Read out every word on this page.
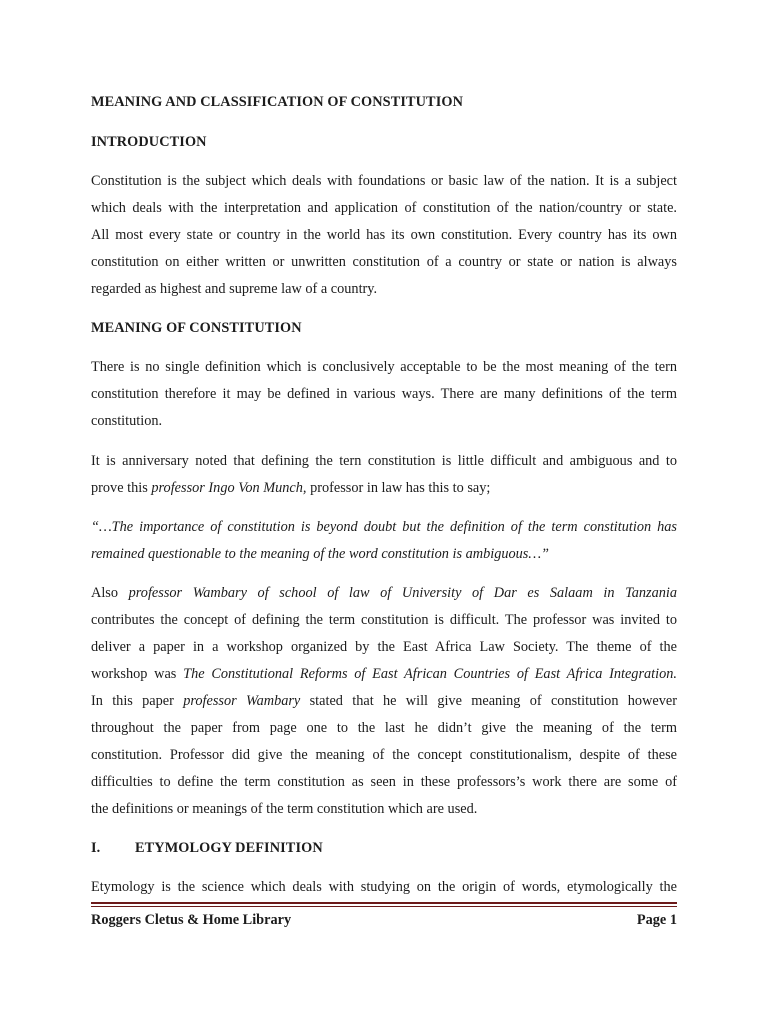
MEANING AND CLASSIFICATION OF CONSTITUTION

INTRODUCTION

Constitution is the subject which deals with foundations or basic law of the nation. It is a subject
which deals with the interpretation and application of constitution of the nation/country or state.
All most every state or country in the world has its own constitution. Every country has its own
constitution on either written or unwritten constitution of a country or state or nation is always
regarded as highest and supreme law of a country.

MEANING OF CONSTITUTION

There is no single definition which is conclusively acceptable to be the most meaning of the tern
constitution therefore it may be defined in various ways. There are many definitions of the term
constitution.

It is anniversary noted that defining the tern constitution is little difficult and ambiguous and to
prove this professor Ingo Von Munch, professor in law has this to say;

“…The importance of constitution is beyond doubt but the definition of the term constitution has
remained questionable to the meaning of the word constitution is ambiguous…”

Also professor Wambary of school of law of University of Dar es Salaam in Tanzania
contributes the concept of defining the term constitution is difficult. The professor was invited to
deliver a paper in a workshop organized by the East Africa Law Society. The theme of the
workshop was The Constitutional Reforms of East African Countries of East Africa Integration.
In this paper professor Wambary stated that he will give meaning of constitution however
throughout the paper from page one to the last he didn’t give the meaning of the term
constitution. Professor did give the meaning of the concept constitutionalism, despite of these
difficulties to define the term constitution as seen in these professors’s work there are some of
the definitions or meanings of the term constitution which are used.

I. ETYMOLOGY DEFINITION

Etymology is the science which deals with studying on the origin of words, etymologically the

Roggers Cletus & Home Library	Page 1
